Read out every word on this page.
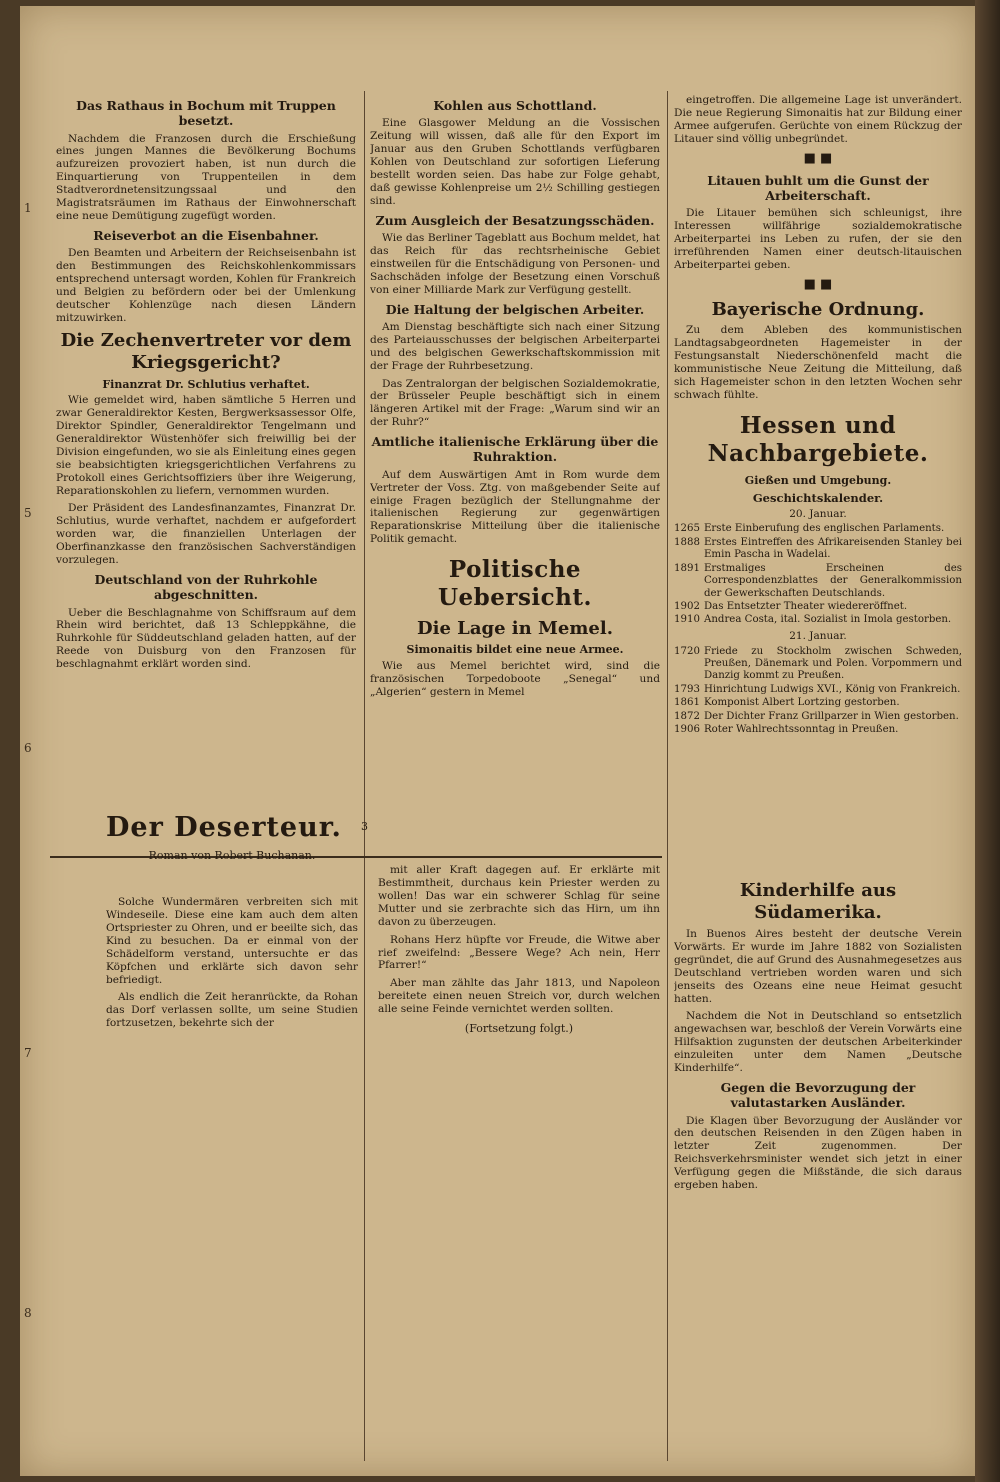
1
5
6
7
8
Das Rathaus in Bochum mit Truppen besetzt.

Nachdem die Franzosen durch die Erschießung eines jungen Mannes die Bevölkerung Bochums aufzureizen provoziert haben, ist nun durch die Einquartierung von Truppenteilen in dem Stadtverordnetensitzungssaal und den Magistratsräumen im Rathaus der Einwohnerschaft eine neue Demütigung zugefügt worden.

Reiseverbot an die Eisenbahner.

Den Beamten und Arbeitern der Reichseisenbahn ist den Bestimmungen des Reichskohlenkommissars entsprechend untersagt worden, Kohlen für Frankreich und Belgien zu befördern oder bei der Umlenkung deutscher Kohlenzüge nach diesen Ländern mitzuwirken.

Die Zechenvertreter vor dem Kriegsgericht?
Finanzrat Dr. Schlutius verhaftet.

Wie gemeldet wird, haben sämtliche 5 Herren und zwar Generaldirektor Kesten, Bergwerksassessor Olfe, Direktor Spindler, Generaldirektor Tengelmann und Generaldirektor Wüstenhöfer sich freiwillig bei der Division eingefunden, wo sie als Einleitung eines gegen sie beabsichtigten kriegsgerichtlichen Verfahrens zu Protokoll eines Gerichtsoffiziers über ihre Weigerung, Reparationskohlen zu liefern, vernommen wurden.

Der Präsident des Landesfinanzamtes, Finanzrat Dr. Schlutius, wurde verhaftet, nachdem er aufgefordert worden war, die finanziellen Unterlagen der Oberfinanzkasse den französischen Sachverständigen vorzulegen.

Deutschland von der Ruhrkohle abgeschnitten.

Ueber die Beschlagnahme von Schiffsraum auf dem Rhein wird berichtet, daß 13 Schleppkähne, die Ruhrkohle für Süddeutschland geladen hatten, auf der Reede von Duisburg von den Franzosen für beschlagnahmt erklärt worden sind.

Kohlen aus Schottland.

Eine Glasgower Meldung an die Vossischen Zeitung will wissen, daß alle für den Export im Januar aus den Gruben Schottlands verfügbaren Kohlen von Deutschland zur sofortigen Lieferung bestellt worden seien. Das habe zur Folge gehabt, daß gewisse Kohlenpreise um 2½ Schilling gestiegen sind.

Zum Ausgleich der Besatzungsschäden.

Wie das Berliner Tageblatt aus Bochum meldet, hat das Reich für das rechtsrheinische Gebiet einstweilen für die Entschädigung von Personen- und Sachschäden infolge der Besetzung einen Vorschuß von einer Milliarde Mark zur Verfügung gestellt.

Die Haltung der belgischen Arbeiter.

Am Dienstag beschäftigte sich nach einer Sitzung des Parteiausschusses der belgischen Arbeiterpartei und des belgischen Gewerkschaftskommission mit der Frage der Ruhrbesetzung.

Das Zentralorgan der belgischen Sozialdemokratie, der Brüsseler Peuple beschäftigt sich in einem längeren Artikel mit der Frage: „Warum sind wir an der Ruhr?“

Amtliche italienische Erklärung über die Ruhraktion.

Auf dem Auswärtigen Amt in Rom wurde dem Vertreter der Voss. Ztg. von maßgebender Seite auf einige Fragen bezüglich der Stellungnahme der italienischen Regierung zur gegenwärtigen Reparationskrise Mitteilung über die italienische Politik gemacht.

Politische Uebersicht.
Die Lage in Memel.
Simonaitis bildet eine neue Armee.

Wie aus Memel berichtet wird, sind die französischen Torpedoboote „Senegal“ und „Algerien“ gestern in Memel

eingetroffen. Die allgemeine Lage ist unverändert. Die neue Regierung Simonaitis hat zur Bildung einer Armee aufgerufen. Gerüchte von einem Rückzug der Litauer sind völlig unbegründet.

■ ■
Litauen buhlt um die Gunst der Arbeiterschaft.

Die Litauer bemühen sich schleunigst, ihre Interessen willfährige sozialdemokratische Arbeiterpartei ins Leben zu rufen, der sie den irreführenden Namen einer deutsch-litauischen Arbeiterpartei geben.

■ ■
Bayerische Ordnung.

Zu dem Ableben des kommunistischen Landtagsabgeordneten Hagemeister in der Festungsanstalt Niederschönenfeld macht die kommunistische Neue Zeitung die Mitteilung, daß sich Hagemeister schon in den letzten Wochen sehr schwach fühlte.

Hessen und Nachbargebiete.
Gießen und Umgebung.
Geschichtskalender.
20. Januar.
1265 Erste Einberufung des englischen Parlaments.
1888 Erstes Eintreffen des Afrikareisenden Stanley bei Emin Pascha in Wadelai.
1891 Erstmaliges Erscheinen des Correspondenzblattes der Generalkommission der Gewerkschaften Deutschlands.
1902 Das Entsetzter Theater wiedereröffnet.
1910 Andrea Costa, ital. Sozialist in Imola gestorben.
21. Januar.
1720 Friede zu Stockholm zwischen Schweden, Preußen, Dänemark und Polen. Vorpommern und Danzig kommt zu Preußen.
1793 Hinrichtung Ludwigs XVI., König von Frankreich.
1861 Komponist Albert Lortzing gestorben.
1872 Der Dichter Franz Grillparzer in Wien gestorben.
1906 Roter Wahlrechtssonntag in Preußen.
Der Deserteur.	3
Roman von Robert Buchanan.

Solche Wundermären verbreiten sich mit Windeseile. Diese eine kam auch dem alten Ortspriester zu Ohren, und er beeilte sich, das Kind zu besuchen. Da er einmal von der Schädelform verstand, untersuchte er das Köpfchen und erklärte sich davon sehr befriedigt.

Als endlich die Zeit heranrückte, da Rohan das Dorf verlassen sollte, um seine Studien fortzusetzen, bekehrte sich der

mit aller Kraft dagegen auf. Er erklärte mit Bestimmtheit, durchaus kein Priester werden zu wollen! Das war ein schwerer Schlag für seine Mutter und sie zerbrachte sich das Hirn, um ihn davon zu überzeugen.

Rohans Herz hüpfte vor Freude, die Witwe aber rief zweifelnd: „Bessere Wege? Ach nein, Herr Pfarrer!“

Aber man zählte das Jahr 1813, und Napoleon bereitete einen neuen Streich vor, durch welchen alle seine Feinde vernichtet werden sollten.

(Fortsetzung folgt.)
Kinderhilfe aus Südamerika.

In Buenos Aires besteht der deutsche Verein Vorwärts. Er wurde im Jahre 1882 von Sozialisten gegründet, die auf Grund des Ausnahmegesetzes aus Deutschland vertrieben worden waren und sich jenseits des Ozeans eine neue Heimat gesucht hatten.

Nachdem die Not in Deutschland so entsetzlich angewachsen war, beschloß der Verein Vorwärts eine Hilfsaktion zugunsten der deutschen Arbeiterkinder einzuleiten unter dem Namen „Deutsche Kinderhilfe“.

Gegen die Bevorzugung der valutastarken Ausländer.

Die Klagen über Bevorzugung der Ausländer vor den deutschen Reisenden in den Zügen haben in letzter Zeit zugenommen. Der Reichsverkehrsminister wendet sich jetzt in einer Verfügung gegen die Mißstände, die sich daraus ergeben haben.
